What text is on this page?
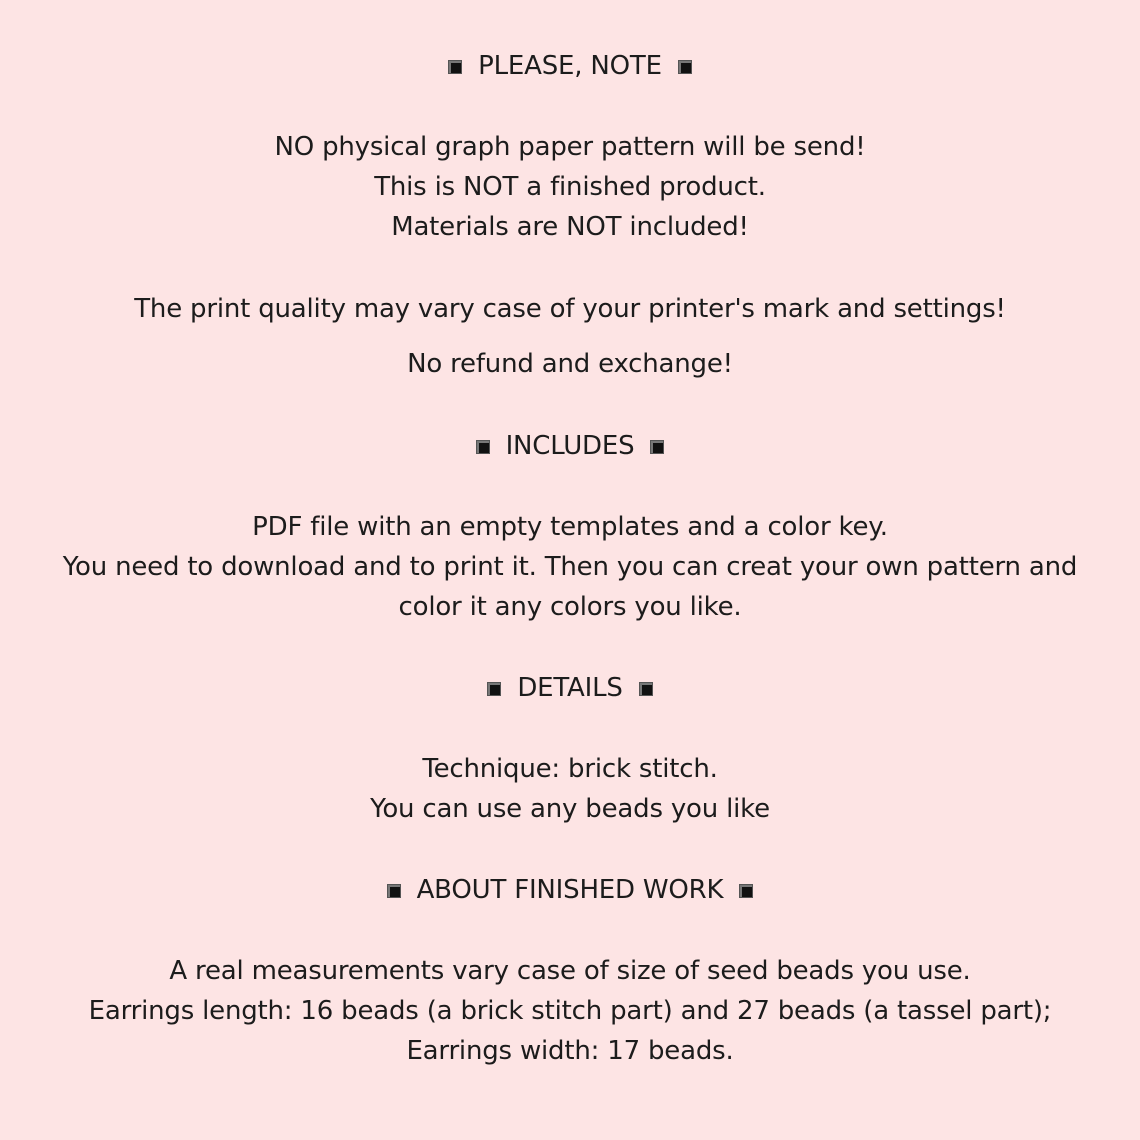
PLEASE, NOTE
NO physical graph paper pattern will be send!
This is NOT a finished product.
Materials are NOT included!
The print quality may vary case of your printer's mark and settings!
No refund and exchange!
INCLUDES
PDF file with an empty templates and a color key.
You need to download and to print it. Then you can creat your own pattern and
color it any colors you like.
DETAILS
Technique: brick stitch.
You can use any beads you like
ABOUT FINISHED WORK
A real measurements vary case of size of seed beads you use.
Earrings length: 16 beads (a brick stitch part) and 27 beads (a tassel part);
Earrings width: 17 beads.
